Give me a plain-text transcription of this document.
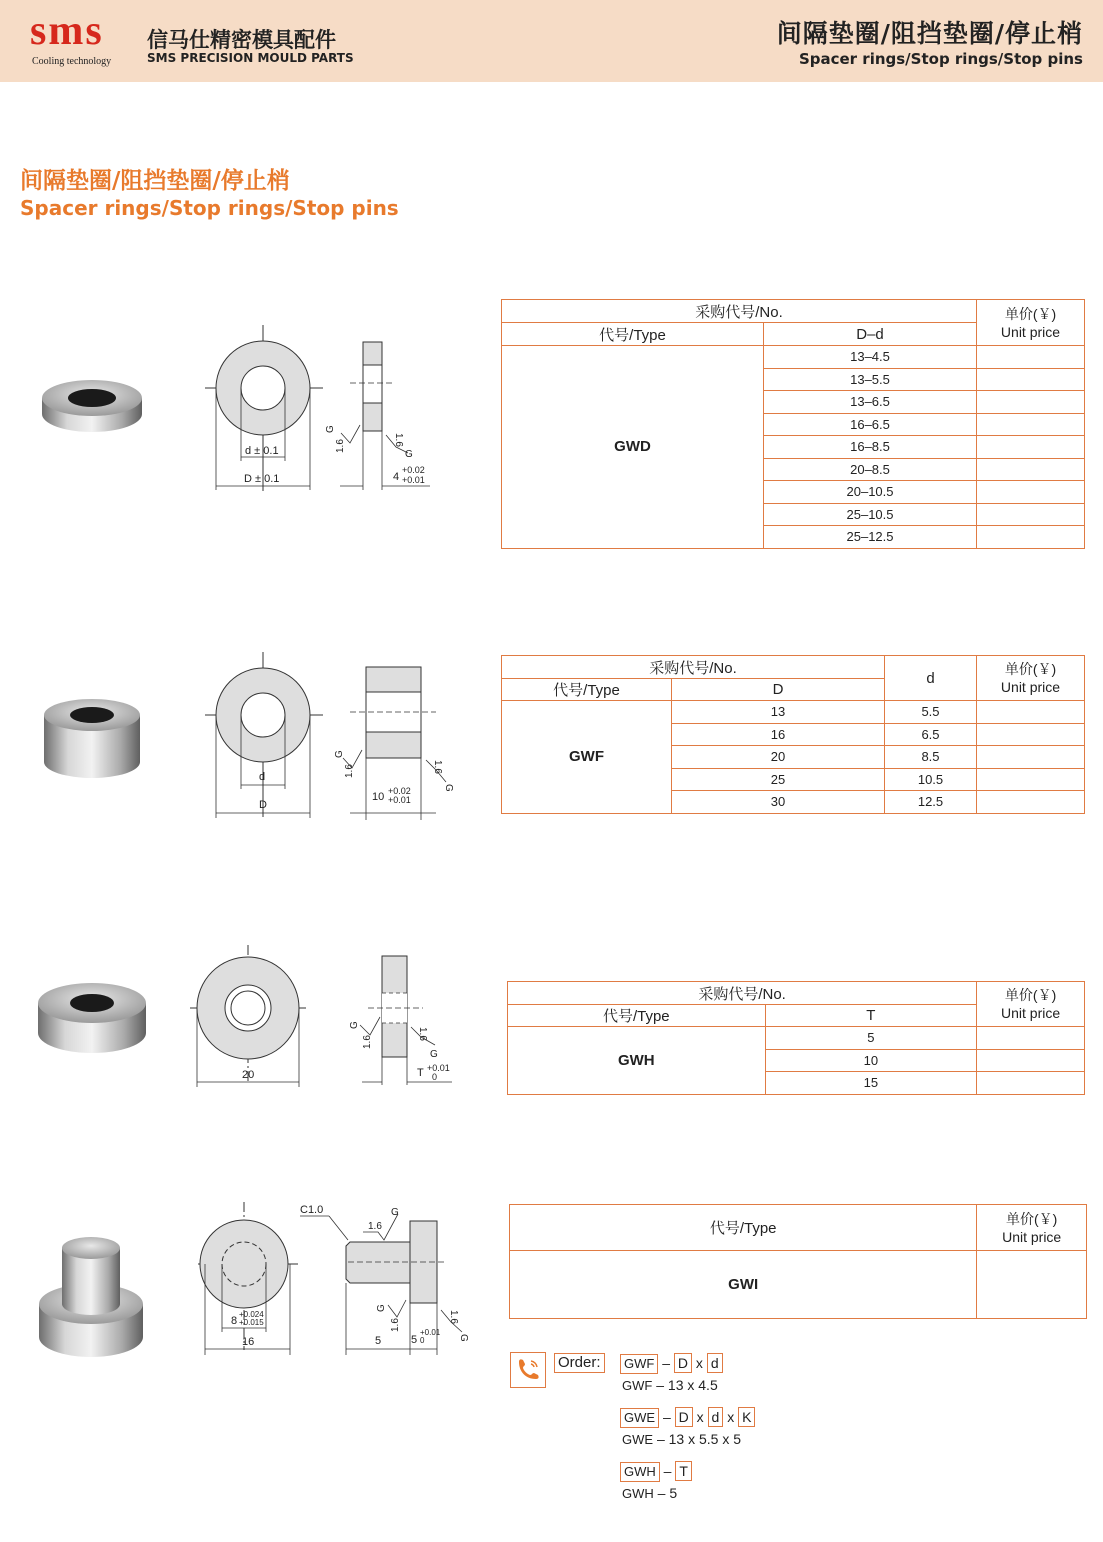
sms
Cooling technology
信马仕精密模具配件
SMS PRECISION MOULD PARTS
间隔垫圈/阻挡垫圈/停止梢
Spacer rings/Stop rings/Stop pins
间隔垫圈/阻挡垫圈/停止梢
Spacer rings/Stop rings/Stop pins
d ± 0.1
D ± 0.1
1.6
G
1.6
G
4
+0.02
+0.01
采购代号/No.		单价(￥)
Unit price

代号/Type	D–d	
GWD	13–4.5	
	13–5.5	
	13–6.5	
	16–6.5	
	16–8.5	
	20–8.5	
	20–10.5	
	25–10.5	
	25–12.5	
d
D
1.6
G
1.6
G
10 +0.02
+0.01
采购代号/No.		d	单价(￥)
Unit price

代号/Type	D		
GWF	13	5.5	
	16	6.5	
	20	8.5	
	25	10.5	
	30	12.5	
20
1.6
G
1.6
G
T +0.01
0
采购代号/No.		单价(￥)
Unit price

代号/Type	T	
GWH	5	
	10	
	15	
8
+0.024
+0.015
16
C1.0
1.6
G
5	5
+0.01
0
1.6
G
1.6
G
代号/Type	单价(￥)
Unit price

GWI	
Order:	GWF – D x d
GWF – 13 x 4.5
GWE – D x d x K
GWE – 13 x 5.5 x 5
GWH – T
GWH – 5
